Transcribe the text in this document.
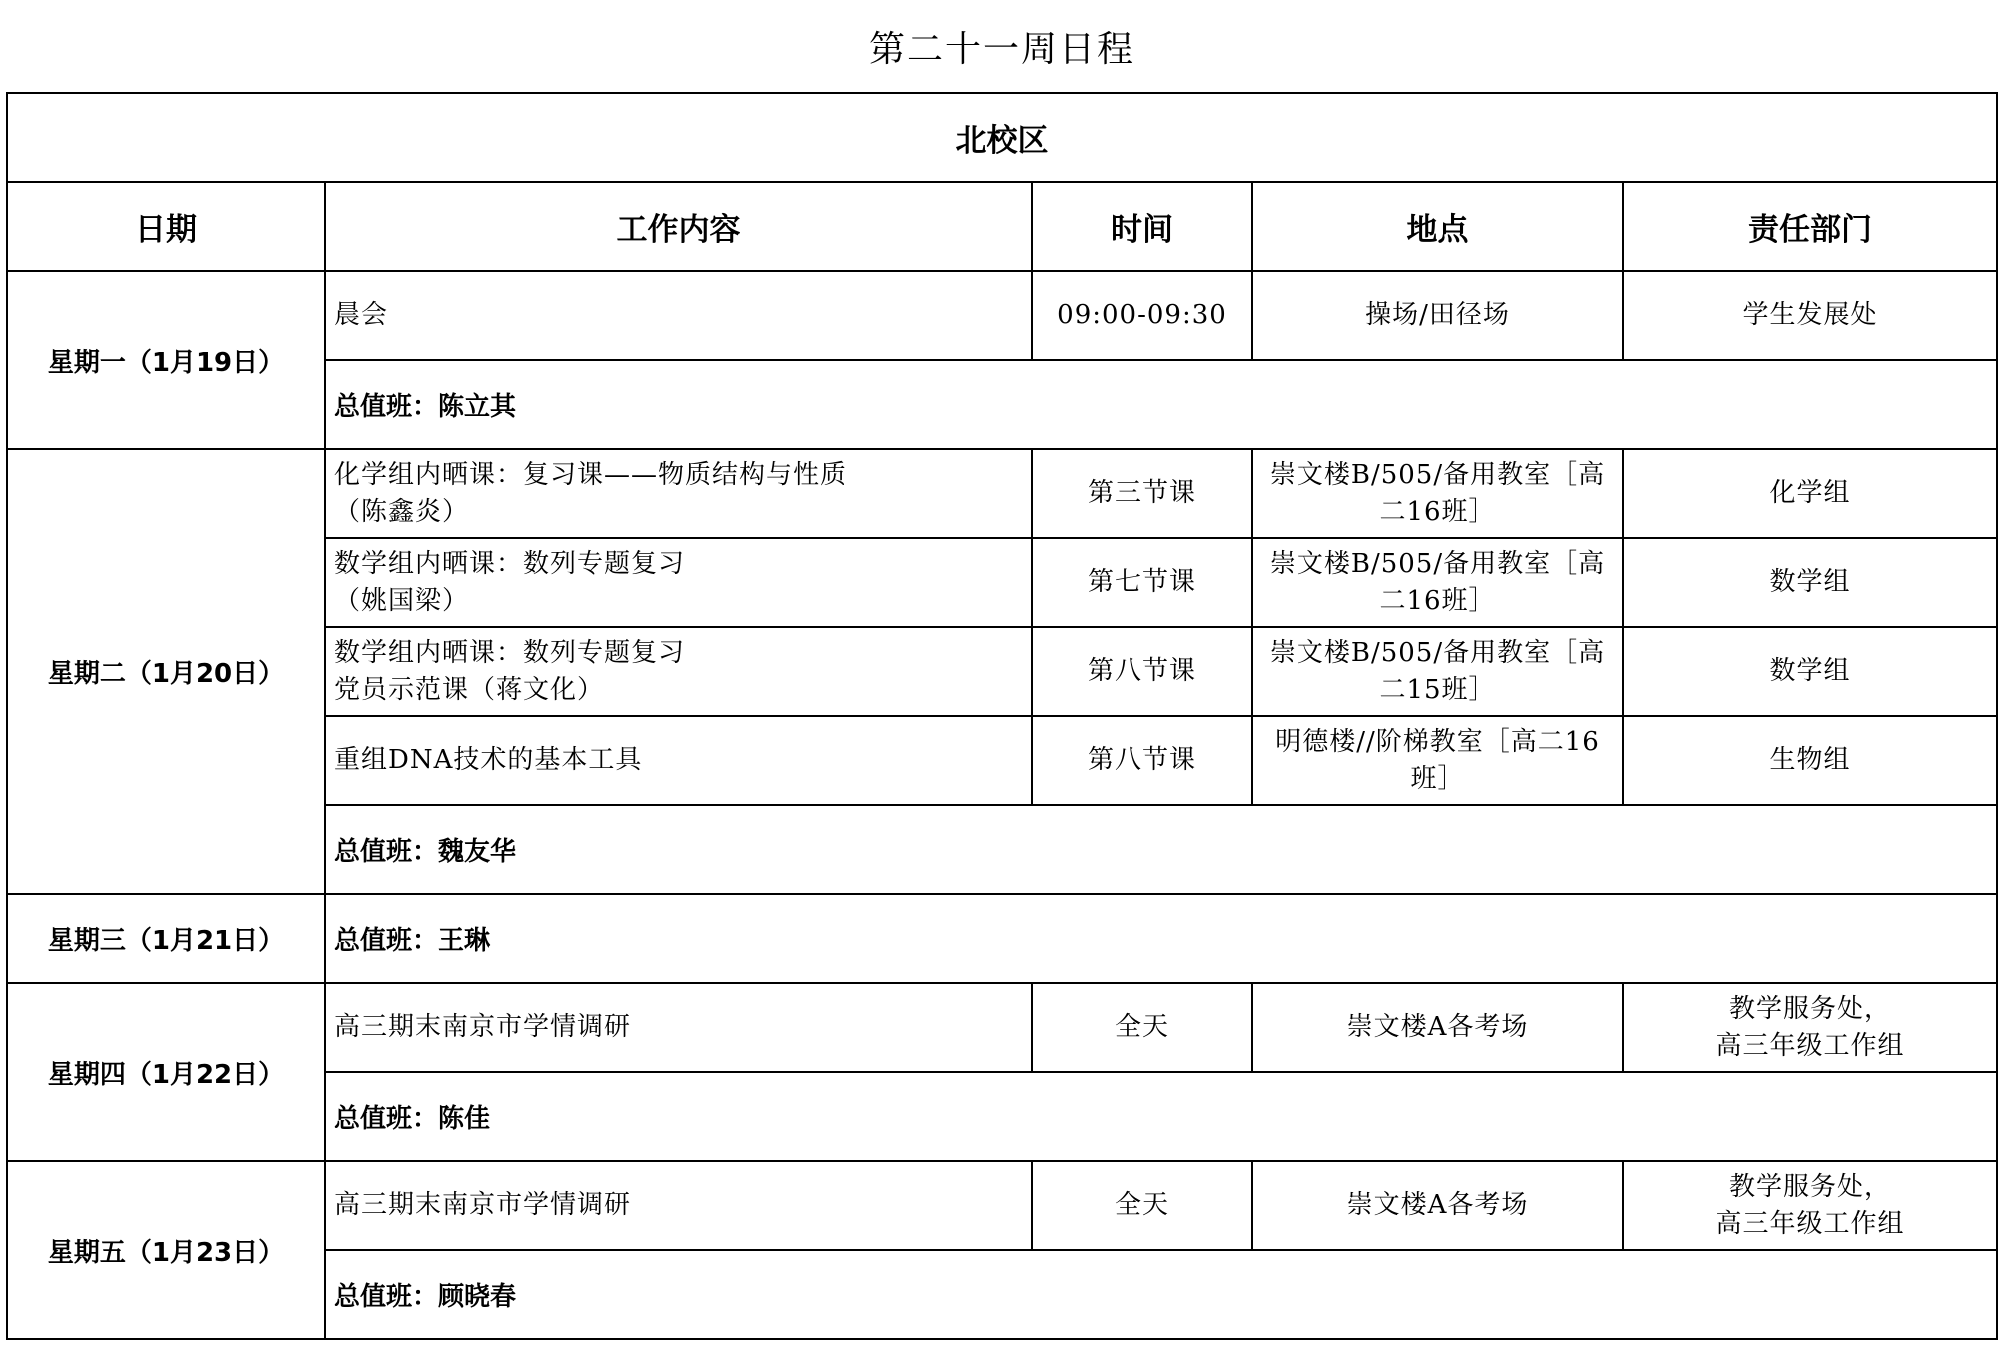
第二十一周日程				
北校区				
日期	工作内容	时间	地点	责任部门
星期一（1月19日）	晨会	09:00-09:30	操场/田径场	学生发展处

	总值班：陈立其			
星期二（1月20日）	化学组内晒课：复习课——物质结构与性质
（陈鑫炎）	第三节课	崇文楼B/505/备用教室［高二16班］	化学组

	数学组内晒课：数列专题复习
（姚国梁）	第七节课	崇文楼B/505/备用教室［高二16班］	数学组

	数学组内晒课：数列专题复习
党员示范课（蒋文化）	第八节课	崇文楼B/505/备用教室［高二15班］	数学组

	重组DNA技术的基本工具	第八节课	明德楼//阶梯教室［高二16班］	生物组

	总值班：魏友华			
星期三（1月21日）	总值班：王琳			
星期四（1月22日）	高三期末南京市学情调研	全天	崇文楼A各考场	教学服务处，
高三年级工作组

	总值班：陈佳			
星期五（1月23日）	高三期末南京市学情调研	全天	崇文楼A各考场	教学服务处，
高三年级工作组

	总值班：顾晓春			
